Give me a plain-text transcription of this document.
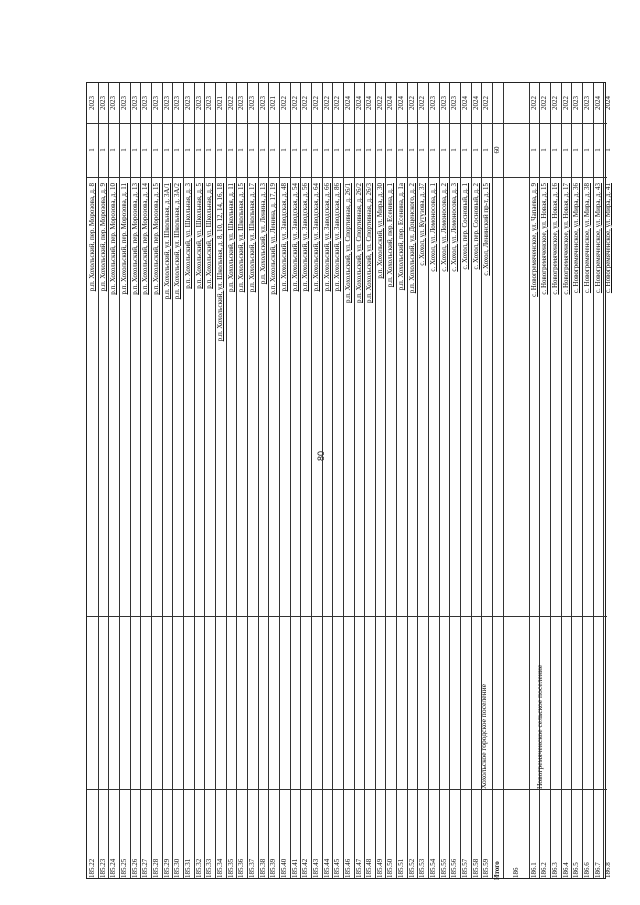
80
185.22
р.п. Хохольский, пер. Морозова, д. 8
1
2023
185.23
р.п. Хохольский, пер. Морозова, д. 9
1
2023
185.24
р.п. Хохольский, пер. Морозова, д. 10
1
2023
185.25
р.п. Хохольский, пер. Морозова, д. 11
1
2023
185.26
р.п. Хохольский, пер. Морозова, д. 13
1
2023
185.27
р.п. Хохольский, пер. Морозова, д. 14
1
2023
185.28
р.п. Хохольский, пер. Морозова, д. 15
1
2023
185.29
р.п. Хохольский, ул. Школьная, д. 3А/1
1
2023
185.30
р.п. Хохольский, ул. Школьная, д. 3А/2
1
2023
185.31
р.п. Хохольский, ул. Школьная, д. 3
1
2023
185.32
р.п. Хохольский, ул. Школьная, д. 5
1
2023
185.33
р.п. Хохольский, ул. Школьная, д. 6
1
2023
185.34
р.п. Хохольский, ул. Школьная, д. 8, 10, 12, 14, 16, 18
1
2021
185.35
р.п. Хохольский, ул. Школьная, д. 11
1
2022
185.36
р.п. Хохольский, ул. Школьная, д. 15
1
2023
185.37
р.п. Хохольский, ул. Школьная, д. 17
1
2023
185.38
р.п. Хохольский, ул. Ленина, д. 13
1
2023
185.39
р.п. Хохольский, ул. Ленина, д. 17, 19
1
2021
185.40
р.п. Хохольский, ул. Заводская, д. 48
1
2022
185.41
р.п. Хохольский, ул. Заводская, д. 54
1
2022
185.42
р.п. Хохольский, ул. Заводская, д. 56
1
2022
185.43
р.п. Хохольский, ул. Заводская, д. 64
1
2022
185.44
р.п. Хохольский, ул. Заводская, д. 66
1
2022
185.45
р.п. Хохольский, ул. Заводская, д. 86
1
2022
185.46
р.п. Хохольский, ул. Спортивная, д. 26/1
1
2024
185.47
р.п. Хохольский, ул. Спортивная, д. 26/2
1
2024
185.48
р.п. Хохольский, ул. Спортивная, д. 26/3
1
2024
185.49
р.п. Хохольский, ул. Мира, д. 30
1
2022
185.50
р.п. Хохольский, пер. Есенина, д. 1
1
2024
185.51
р.п. Хохольский, пер. Есенина, д. 1а
1
2024
185.52
р.п. Хохольский, ул. Доценского, д. 2
1
2022
185.53
с. Хохол, ул. Кутузова, д. 37
1
2022
185.54
с. Хохол, ул. Ломоносова, д. 1
1
2023
185.55
с. Хохол, ул. Ломоносова, д. 2
1
2023
185.56
с. Хохол, ул. Ломоносова, д. 3
1
2023
185.57
с. Хохол, пер. Сосновый, д. 1
1
2024
185.58
с. Хохол, пер. Сосновый, д. 2
1
2024
185.59
с. Хохол, Ленинский пр-т, д. 15
1
2022
Итого
60
186	186.1
с. Новогремяченское, ул. Чапаева, д. 9
1
2022
186.2
с. Новогремяченское, ул. Новая, д. 15
1
2022
186.3
с. Новогремяченское, ул. Новая, д. 16
1
2022
186.4
с. Новогремяченское, ул. Новая, д. 17
1
2022
186.5
с. Новогремяченское, ул. Мира, д. 36
1
2023
186.6
с. Новогремяченское, ул. Мира, д. 38
1
2023
186.7
с. Новогремяченское, ул. Мира, д. 43
1
2024
186.8
с. Новогремяченское, ул. Мира, д. 41
1
2024
Хохольское городское поселение	Новогремяченское сельское поселение
